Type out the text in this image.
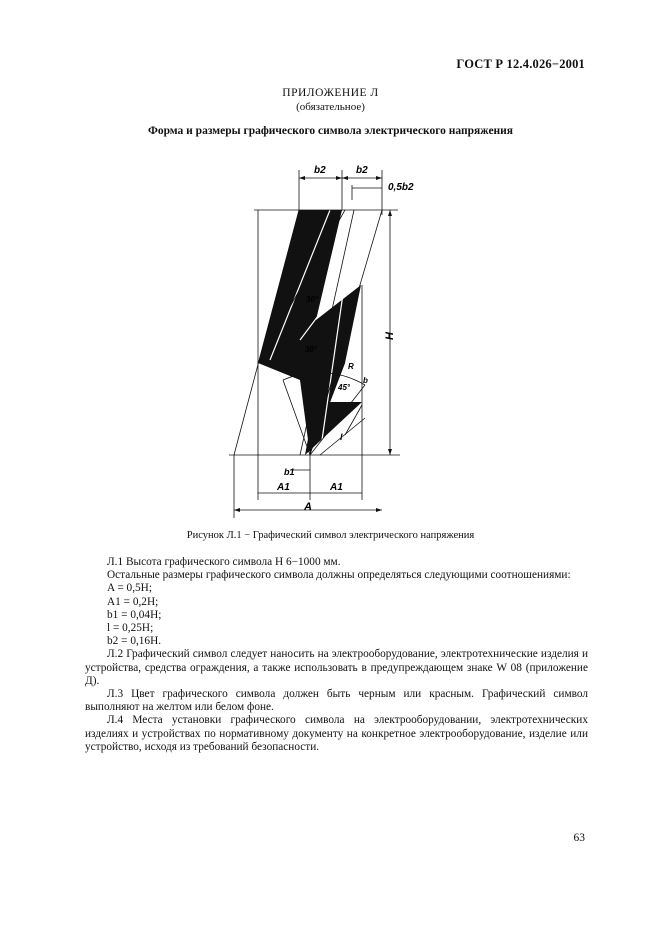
ГОСТ Р 12.4.026−2001
ПРИЛОЖЕНИЕ Л
(обязательное)
Форма и размеры графического символа электрического напряжения
b2	b2
0,5b2
H
30°
30°
R
45°
b
l
b1
A1	A1
A
Рисунок Л.1 − Графический символ электрического напряжения

Л.1 Высота графического символа H 6−1000 мм.

Остальные размеры графического символа должны определяться следующими соотношениями:

A = 0,5H;

A1 = 0,2H;

b1 = 0,04H;

l = 0,25H;

b2 = 0,16H.

Л.2 Графический символ следует наносить на электрооборудование, электротехнические изделия и устройства, средства ограждения, а также использовать в предупреждающем знаке W 08 (приложение Д).

Л.3 Цвет графического символа должен быть черным или красным. Графический символ выполняют на желтом или белом фоне.

Л.4 Места установки графического символа на электрооборудовании, электротехнических изделиях и устройствах по нормативному документу на конкретное электрооборудование, изделие или устройство, исходя из требований безопасности.

63
